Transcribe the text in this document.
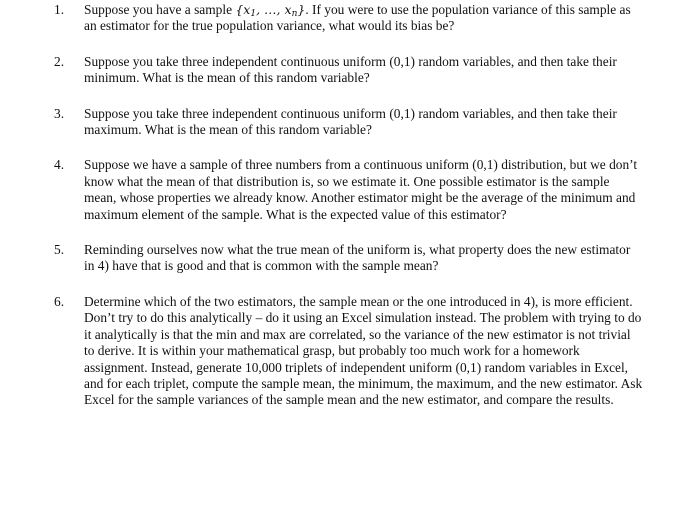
1.	Suppose you have a sample {$x_1$, …, $x_n$}. If you were to use the population variance of this sample as an estimator for the true population variance, what would its bias be?
2.	Suppose you take three independent continuous uniform (0,1) random variables, and then take their minimum. What is the mean of this random variable?
3.	Suppose you take three independent continuous uniform (0,1) random variables, and then take their maximum. What is the mean of this random variable?
4.	Suppose we have a sample of three numbers from a continuous uniform (0,1) distribution, but we don’t know what the mean of that distribution is, so we estimate it. One possible estimator is the sample mean, whose properties we already know. Another estimator might be the average of the minimum and maximum element of the sample. What is the expected value of this estimator?
5.	Reminding ourselves now what the true mean of the uniform is, what property does the new estimator in 4) have that is good and that is common with the sample mean?
6.	Determine which of the two estimators, the sample mean or the one introduced in 4), is more efficient. Don’t try to do this analytically – do it using an Excel simulation instead. The problem with trying to do it analytically is that the min and max are correlated, so the variance of the new estimator is not trivial to derive. It is within your mathematical grasp, but probably too much work for a homework assignment. Instead, generate 10,000 triplets of independent uniform (0,1) random variables in Excel, and for each triplet, compute the sample mean, the minimum, the maximum, and the new estimator. Ask Excel for the sample variances of the sample mean and the new estimator, and compare the results.
